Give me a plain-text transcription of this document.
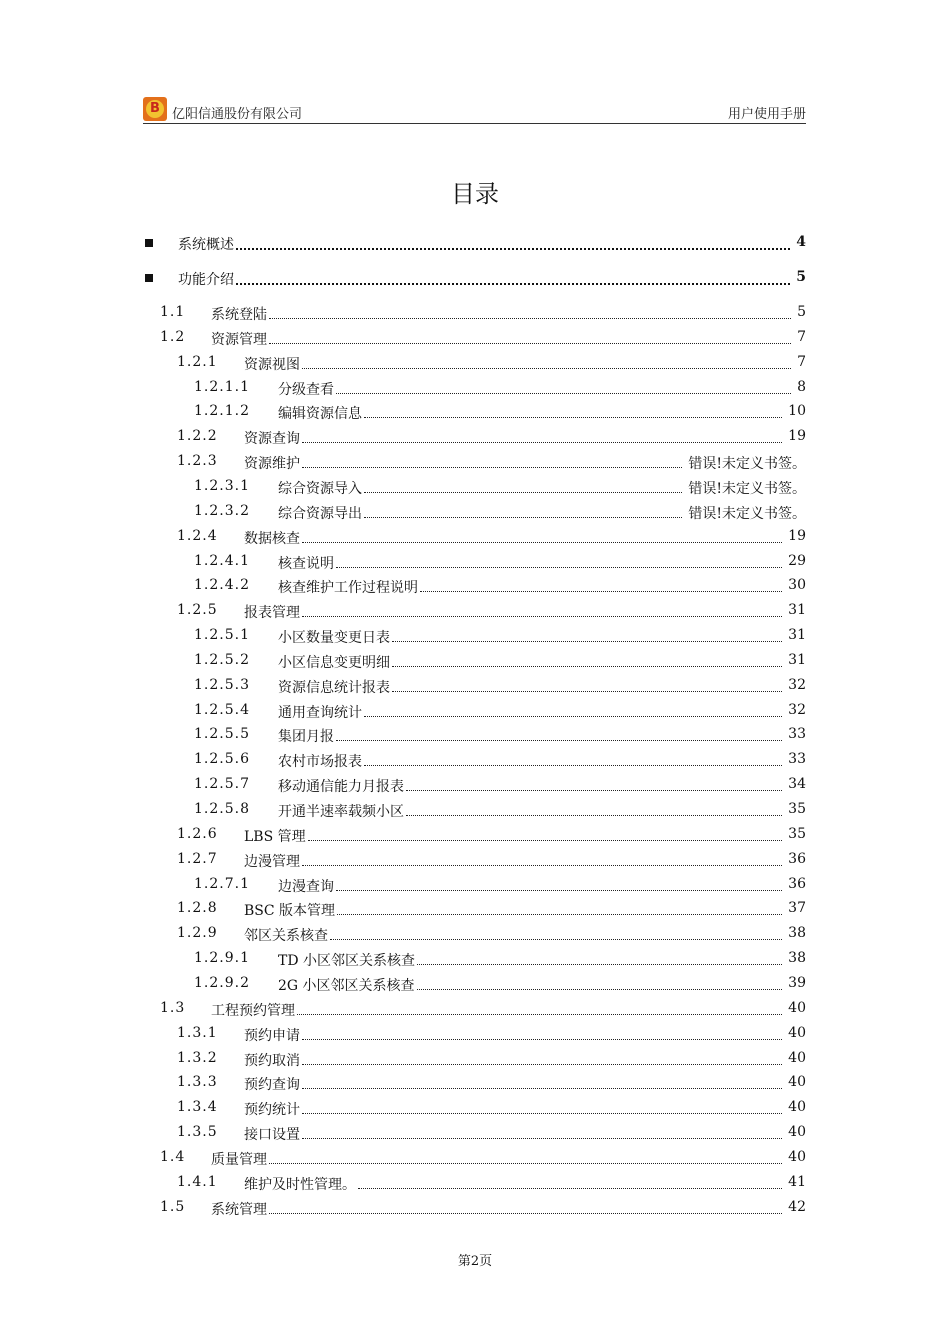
B 亿阳信通股份有限公司	用户使用手册
目录
系统概述	4
功能介绍	5
1.1 系统登陆	5
1.2 资源管理	7
1.2.1 资源视图	7
1.2.1.1 分级查看	8
1.2.1.2 编辑资源信息	10
1.2.2 资源查询	19
1.2.3 资源维护	错误!未定义书签。
1.2.3.1 综合资源导入	错误!未定义书签。
1.2.3.2 综合资源导出	错误!未定义书签。
1.2.4 数据核查	19
1.2.4.1 核查说明	29
1.2.4.2 核查维护工作过程说明	30
1.2.5 报表管理	31
1.2.5.1 小区数量变更日表	31
1.2.5.2 小区信息变更明细	31
1.2.5.3 资源信息统计报表	32
1.2.5.4 通用查询统计	32
1.2.5.5 集团月报	33
1.2.5.6 农村市场报表	33
1.2.5.7 移动通信能力月报表	34
1.2.5.8 开通半速率载频小区	35
1.2.6 LBS 管理	35
1.2.7 边漫管理	36
1.2.7.1 边漫查询	36
1.2.8 BSC 版本管理	37
1.2.9 邻区关系核查	38
1.2.9.1 TD 小区邻区关系核查	38
1.2.9.2 2G 小区邻区关系核查	39
1.3 工程预约管理	40
1.3.1 预约申请	40
1.3.2 预约取消	40
1.3.3 预约查询	40
1.3.4 预约统计	40
1.3.5 接口设置	40
1.4 质量管理	40
1.4.1 维护及时性管理。	41
1.5 系统管理	42
第2页
